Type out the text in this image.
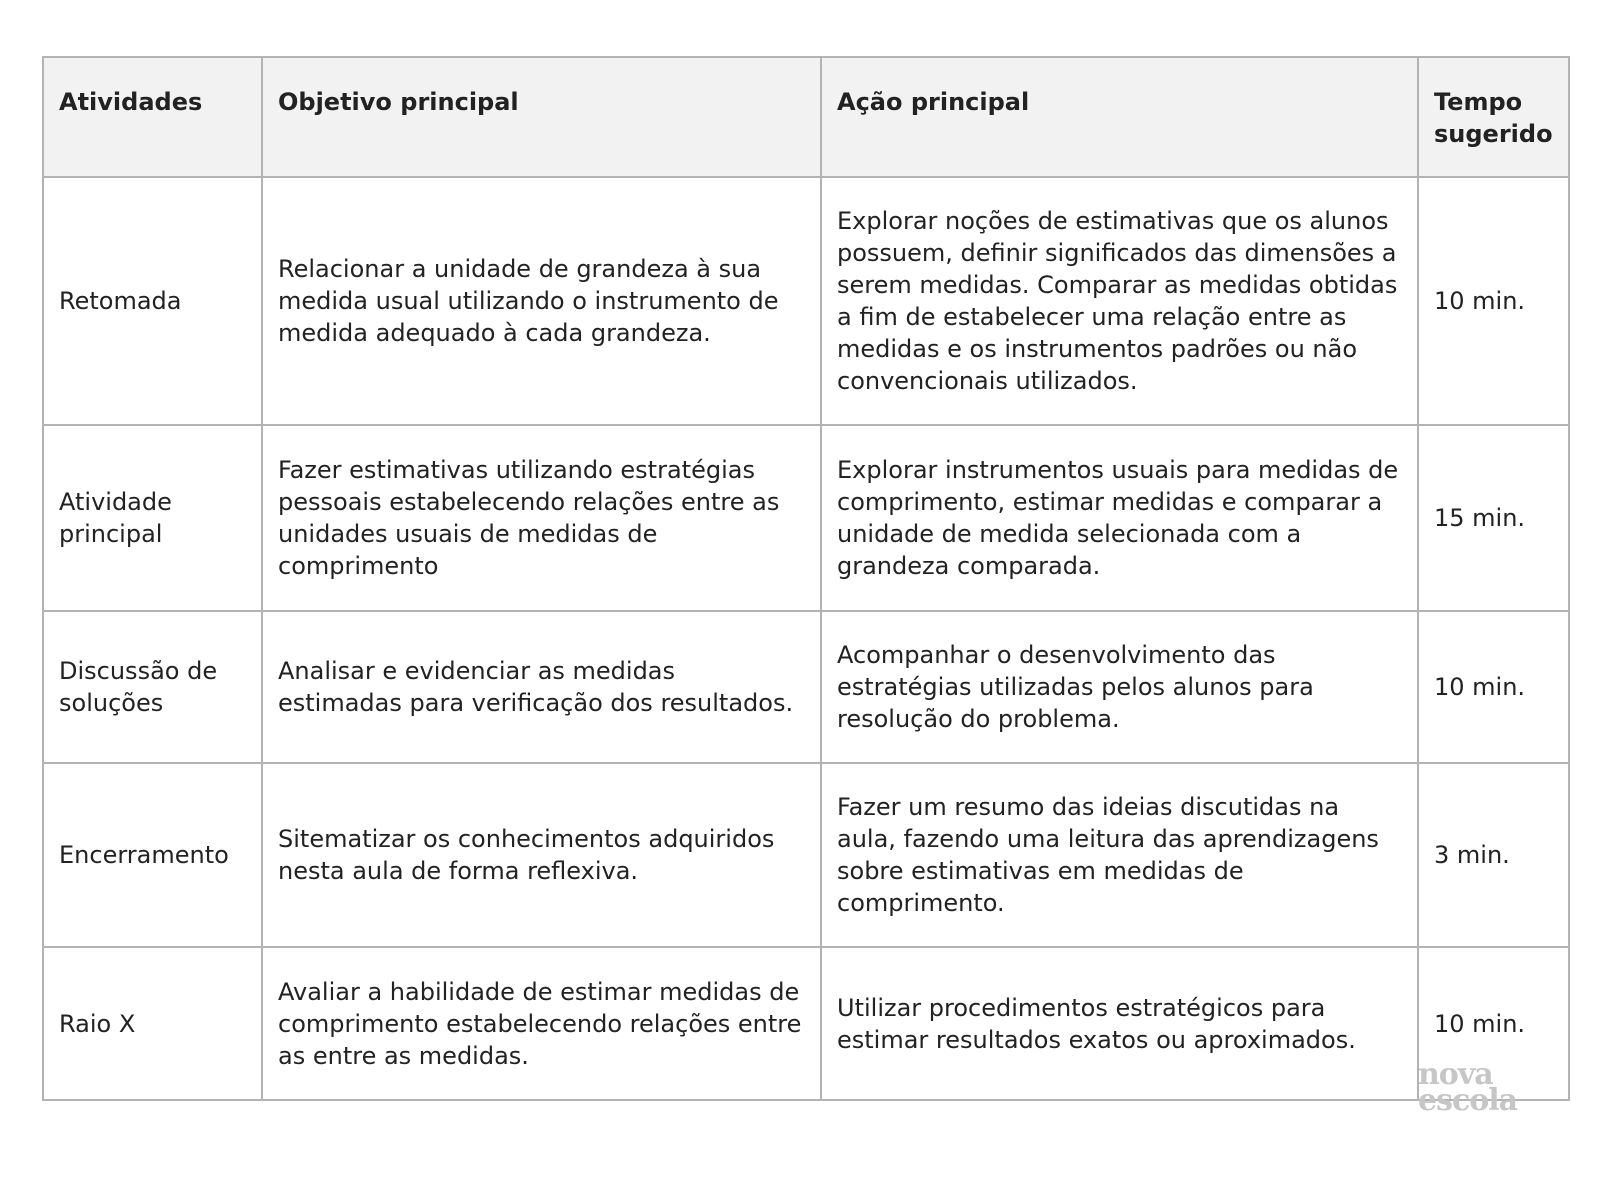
Atividades	Objetivo principal	Ação principal	Tempo sugerido
Retomada	Relacionar a unidade de grandeza à sua medida usual utilizando o instrumento de medida adequado à cada grandeza.	Explorar noções de estimativas que os alunos possuem, definir significados das dimensões a serem medidas. Comparar as medidas obtidas a fim de estabelecer uma relação entre as medidas e os instrumentos padrões ou não convencionais utilizados.	10 min.
Atividade principal	Fazer estimativas utilizando estratégias pessoais estabelecendo relações entre as unidades usuais de medidas de comprimento	Explorar instrumentos usuais para medidas de comprimento, estimar medidas e comparar a unidade de medida selecionada com a grandeza comparada.	15 min.
Discussão de soluções	Analisar e evidenciar as medidas estimadas para verificação dos resultados.	Acompanhar o desenvolvimento das estratégias utilizadas pelos alunos para resolução do problema.	10 min.
Encerramento	Sitematizar os conhecimentos adquiridos nesta aula de forma reflexiva.	Fazer um resumo das ideias discutidas na aula, fazendo uma leitura das aprendizagens sobre estimativas em medidas de comprimento.	3 min.
Raio X	Avaliar a habilidade de estimar medidas de comprimento estabelecendo relações entre as entre as medidas.	Utilizar procedimentos estratégicos para estimar resultados exatos ou aproximados.	10 min.
nova
escola
